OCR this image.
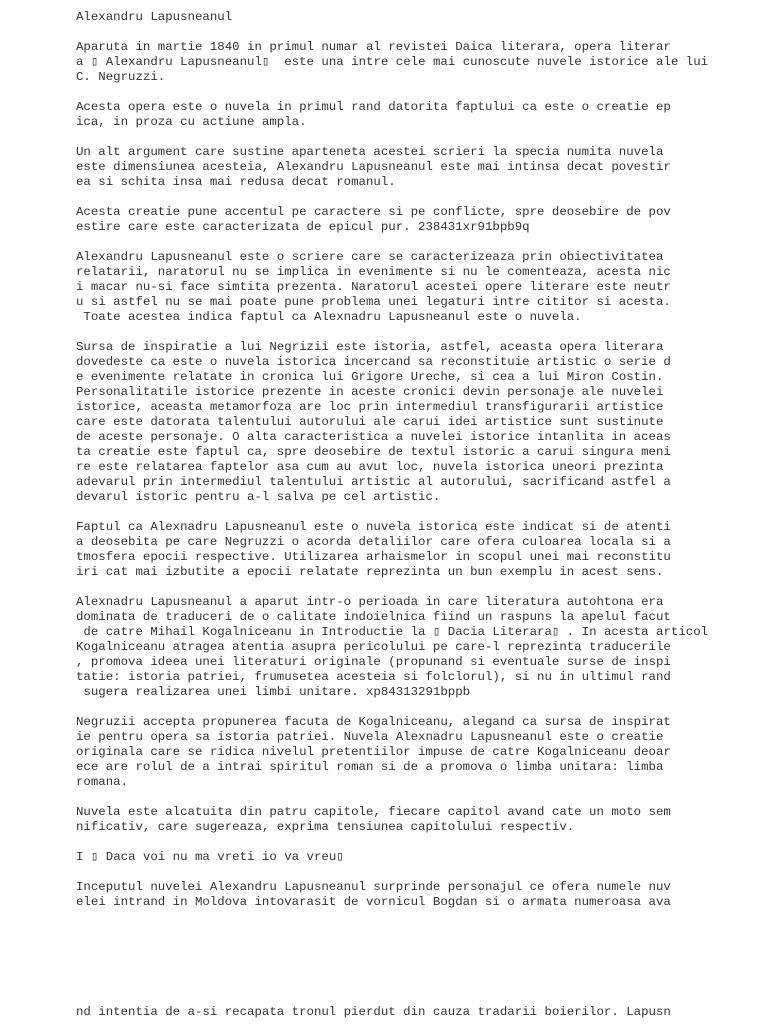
Alexandru Lapusneanul
Aparuta in martie 1840 in primul numar al revistei Daica literara, opera literar
a ▯ Alexandru Lapusneanul▯  este una intre cele mai cunoscute nuvele istorice ale lui
C. Negruzzi.
Acesta opera este o nuvela in primul rand datorita faptului ca este o creatie ep
ica, in proza cu actiune ampla.
Un alt argument care sustine aparteneta acestei scrieri la specia numita nuvela
este dimensiunea acesteia, Alexandru Lapusneanul este mai intinsa decat povestir
ea si schita insa mai redusa decat romanul.
Acesta creatie pune accentul pe caractere si pe conflicte, spre deosebire de pov
estire care este caracterizata de epicul pur. 238431xr91bpb9q
Alexandru Lapusneanul este o scriere care se caracterizeaza prin obiectivitatea
relatarii, naratorul nu se implica in evenimente si nu le comenteaza, acesta nic
i macar nu-si face simtita prezenta. Naratorul acestei opere literare este neutr
u si astfel nu se mai poate pune problema unei legaturi intre cititor si acesta.
Toate acestea indica faptul ca Alexnadru Lapusneanul este o nuvela.
Sursa de inspiratie a lui Negrizii este istoria, astfel, aceasta opera literara
dovedeste ca este o nuvela istorica incercand sa reconstituie artistic o serie d
e evenimente relatate in cronica lui Grigore Ureche, si cea a lui Miron Costin.
Personalitatile istorice prezente in aceste cronici devin personaje ale nuvelei
istorice, aceasta metamorfoza are loc prin intermediul transfigurarii artistice
care este datorata talentului autorului ale carui idei artistice sunt sustinute
de aceste personaje. O alta caracteristica a nuvelei istorice intanlita in aceas
ta creatie este faptul ca, spre deosebire de textul istoric a carui singura meni
re este relatarea faptelor asa cum au avut loc, nuvela istorica uneori prezinta
adevarul prin intermediul talentului artistic al autorului, sacrificand astfel a
devarul istoric pentru a-l salva pe cel artistic.
Faptul ca Alexnadru Lapusneanul este o nuvela istorica este indicat si de atenti
a deosebita pe care Negruzzi o acorda detaliilor care ofera culoarea locala si a
tmosfera epocii respective. Utilizarea arhaismelor in scopul unei mai reconstitu
iri cat mai izbutite a epocii relatate reprezinta un bun exemplu in acest sens.
Alexnadru Lapusneanul a aparut intr-o perioada in care literatura autohtona era
dominata de traduceri de o calitate indoielnica fiind un raspuns la apelul facut
de catre Mihail Kogalniceanu in Introductie la ▯ Dacia Literara▯ . In acesta articol
Kogalniceanu atragea atentia asupra pericolului pe care-l reprezinta traducerile
, promova ideea unei literaturi originale (propunand si eventuale surse de inspi
tatie: istoria patriei, frumusetea acesteia si folclorul), si nu in ultimul rand
sugera realizarea unei limbi unitare. xp84313291bppb
Negruzii accepta propunerea facuta de Kogalniceanu, alegand ca sursa de inspirat
ie pentru opera sa istoria patriei. Nuvela Alexnadru Lapusneanul este o creatie
originala care se ridica nivelul pretentiilor impuse de catre Kogalniceanu deoar
ece are rolul de a intrai spiritul roman si de a promova o limba unitara: limba
romana.
Nuvela este alcatuita din patru capitole, fiecare capitol avand cate un moto sem
nificativ, care sugereaza, exprima tensiunea capitolului respectiv.
I ▯ Daca voi nu ma vreti io va vreu▯
Inceputul nuvelei Alexandru Lapusneanul surprinde personajul ce ofera numele nuv
elei intrand in Moldova intovarasit de vornicul Bogdan si o armata numeroasa ava
nd intentia de a-si recapata tronul pierdut din cauza tradarii boierilor. Lapusn
